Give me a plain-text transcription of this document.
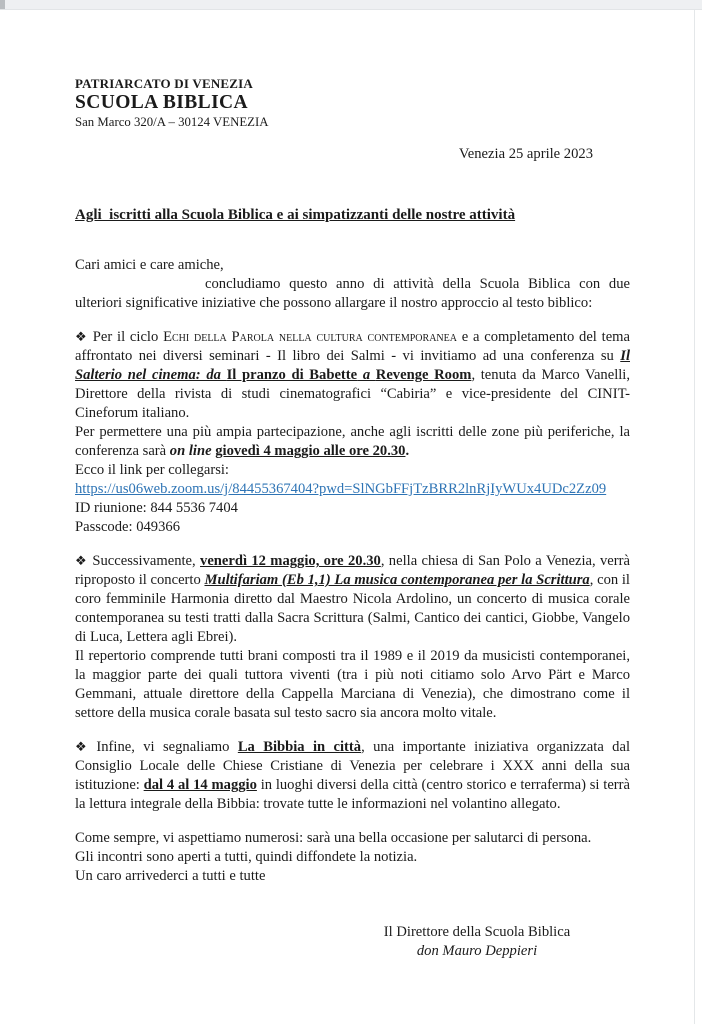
PATRIARCATO DI VENEZIA
SCUOLA BIBLICA
San Marco 320/A – 30124 VENEZIA
Venezia 25 aprile 2023
Agli  iscritti alla Scuola Biblica e ai simpatizzanti delle nostre attività
Cari amici e care amiche,
concludiamo questo anno di attività della Scuola Biblica con due ulteriori significative iniziative che possono allargare il nostro approccio al testo biblico:
❖ Per il ciclo Echi della Parola nella cultura contemporanea e a completamento del tema affrontato nei diversi seminari - Il libro dei Salmi - vi invitiamo ad una conferenza su Il Salterio nel cinema: da Il pranzo di Babette a Revenge Room, tenuta da Marco Vanelli, Direttore della rivista di studi cinematografici “Cabiria” e vice-presidente del CINIT-Cineforum italiano.
Per permettere una più ampia partecipazione, anche agli iscritti delle zone più periferiche, la conferenza sarà on line giovedì 4 maggio alle ore 20.30.
Ecco il link per collegarsi:
https://us06web.zoom.us/j/84455367404?pwd=SlNGbFFjTzBRR2lnRjIyWUx4UDc2Zz09
ID riunione: 844 5536 7404
Passcode: 049366
❖ Successivamente, venerdì 12 maggio, ore 20.30, nella chiesa di San Polo a Venezia, verrà riproposto il concerto Multifariam (Eb 1,1) La musica contemporanea per la Scrittura, con il coro femminile Harmonia diretto dal Maestro Nicola Ardolino, un concerto di musica corale contemporanea su testi tratti dalla Sacra Scrittura (Salmi, Cantico dei cantici, Giobbe, Vangelo di Luca, Lettera agli Ebrei).
Il repertorio comprende tutti brani composti tra il 1989 e il 2019 da musicisti contemporanei, la maggior parte dei quali tuttora viventi (tra i più noti citiamo solo Arvo Pärt e Marco Gemmani, attuale direttore della Cappella Marciana di Venezia), che dimostrano come il settore della musica corale basata sul testo sacro sia ancora molto vitale.
❖ Infine, vi segnaliamo La Bibbia in città, una importante iniziativa organizzata dal Consiglio Locale delle Chiese Cristiane di Venezia per celebrare i XXX anni della sua istituzione: dal 4 al 14 maggio in luoghi diversi della città (centro storico e terraferma) si terrà la lettura integrale della Bibbia: trovate tutte le informazioni nel volantino allegato.
Come sempre, vi aspettiamo numerosi: sarà una bella occasione per salutarci di persona.
Gli incontri sono aperti a tutti, quindi diffondete la notizia.
Un caro arrivederci a tutti e tutte
Il Direttore della Scuola Biblica
don Mauro Deppieri
